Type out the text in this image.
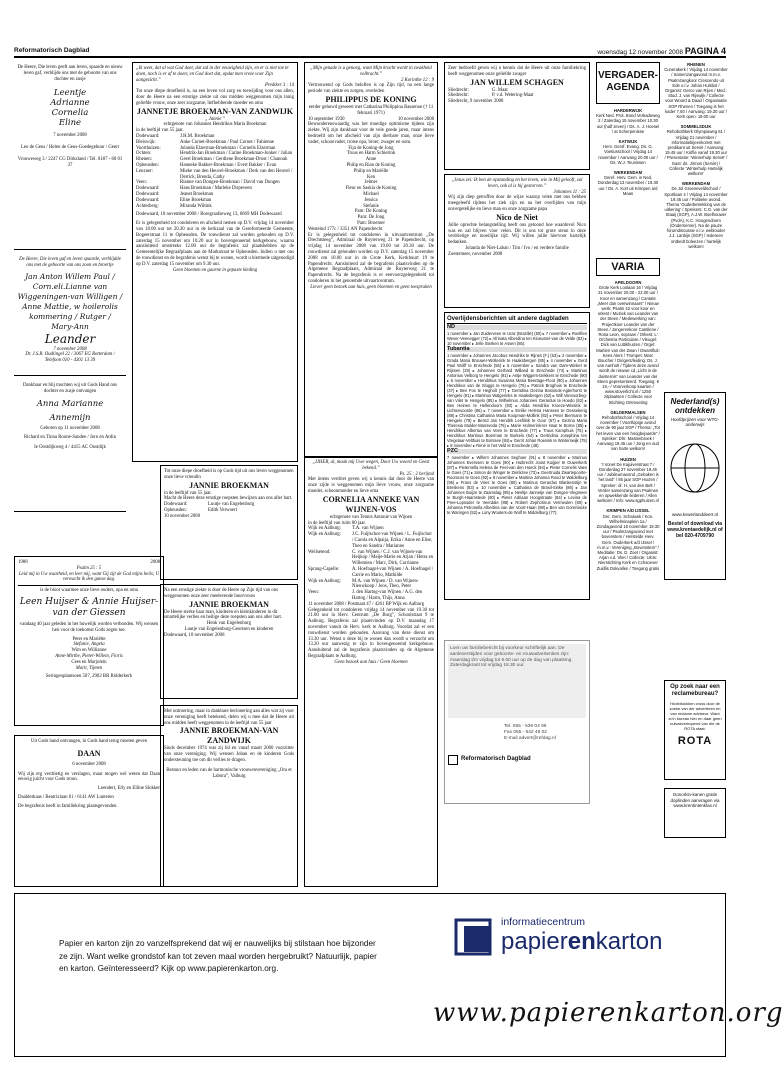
Reformatorisch Dagblad	woensdag 12 november 2008 PAGINA 4
De Heere, Die leven geeft aan leven, spaarde en nieuw leven gaf, verblijde ons met de geboorte van ons dochter en zusje
Leentje
Adrianne
Cornelia
Eline
7 november 2008
Leo de Geus / Helen de Geus-Goedegebuur / Geert
Vrouweweg 3 / 2247 CG Dirksland / Tel. 0187 - 60 01 37
De Heere, Die leven gaf en leven spaarde, verblijdde ons met de geboorte van ons zoon en broertje
Jan Anton Willem Paul / Corn.eli.Lianne van Wiggeningen-van Willigen / Anne Mattie, w hoilerolis kommering / Rutger / Mary-Ann
Leander
7 november 2008
Dr. J.S.R. Oudlingel 22 / 3067 EG Rotterdam / Telefoon 010 - 4301 13 39
Dankbaar en blij mochten wij uit Gods Hand ons dochter en zusje ontvangen
Anna Marianne
Annemijn
Geboren op 11 november 2008
Richard en Tinna Boone-Sandee / Jorn en Ardin
Ie Oostdijkweg 4 / 4415 AC Oostdijk
1988	2008
Psalm 25 : 5
Leid mij in Uw waarheid, en leer mij, want Gij zijt de God mijns heils; U verwacht ik den ganse dag.
is de bloot waarmee onze lieve ouders, opa en oma
Leen Huijser & Annie Huijser-van der Giessen
vandaag 40 jaar geleden in het huwelijk worden verbonden. Wij wensen hen voor de toekomst Gods zegen toe.
Peter en Mariëtte
Stefanie, Angela
Wim en Willianne
Anne-Mirthe, Pieter-Willem, Floris
Cees en Marjolein
Marit, Tijmen
Seringenplantsoen 507, 2902 BR Ridderkerk
Uit Gods hand ontvangen, in Gods hand terug moeten geven
DAAN
6 november 2008
Wij zijn erg verdrietig en verslagen, maar mogen wel weten dat Daan eeuwig juicht voor Gods troon.
Leendert, Elly en Elline Slokker
Daalderkaas / Beatrixlaan 61 / 6141 AW Lunteren
De begrafenis heeft in familiekring plaatsgevonden.
„Ik weet, dat al wat God doet, dat zal in der eeuwigheid zijn, en er is niet toe te doen, noch is er af te doen; en God doet dat, opdat men vreze voor Zijn aangezicht.”
Prediker 3 : 14
Tot onze diepe droefheid is, na een leven vol zorg en toewijding voor ons allen, door de Heere na een ernstige ziekte uit ons midden weggenomen mijn innig geliefde vrouw, onze zeer zorgzame, liefhebbende moeder en oma
JANNETJE BROEKMAN-VAN ZANDWIJK
„ Jannie ”
echtgenote van Johannes Hendrikus Maria Broekman
in de leeftijd van 55 jaar.
Dodewaard:	J.H.M. Broekman
Bleiswijk:	Anke Cornet-Broekman / Paul Cornet / Fabienne
Voorthuizen:	Jolanda Elzerman-Broekman / Cornelis Elzerman
Ochten:	Hendrik-Jan Broekman / Carine Broekman-Jonker / Julian
Rhenen:	Geert Broekman / Gerdiene Broekman-Drost / Channah
Opheusden:	Hanneke Bakker-Broekman / Evert Bakker / Evan
Lenzner:	Mieke van den Heuvel-Broekman / Derk van den Heuvel / Derrick, Brenda, Cathy
Veen:	Rianne van Dongen-Broekman / David van Dongen
Dodewaard:	Hans Broekman / Marleke Dirpeveen
Dodewaard:	Jeanet Broekman
Dodewaard:	Eline Broekman
Achterberg:	Miranda Wiltink
Dodewaard, 10 november 2008 / Boregraafseweg 13, 6669 MH Dodewaard
Er is gelegenheid tot condoleren en afscheid nemen op D.V. vrijdag 14 november van 18.00 uur tot 20.30 uur in de kerkzaal van de Gereformeerde Gemeente, Bogeerstraat 11 te Opheusden. De rouwdienst zal worden gehouden op D.V. zaterdag 15 november om 10.20 uur in bovengenoemd kerkgebouw, waarna aansluitend omstreeks 12.00 uur de begrafenis zal plaatshebben op de Gemeentelijke Begraafplaats aan de Markstraat te Opheusden. Indien u met ons de rouwdienst en de begrafenis wenst bij te wonen, wordt u hiermede uitgenodigd op D.V. zaterdag 15 november om 9.30 uur.
Geen bloemen en gaarne in gepaste kleding
Tot onze diepe droefheid is op Gods tijd uit ons leven weggenomen onze lieve vriendin
JANNIE BROEKMAN
in de leeftijd van 55 jaar.
Macht de Heere deze ernstige roepsten bewijzen aan ons aller hart.
Dodewaard:	Luutje van Engelenburg
Opheusden:	Edith Verwoert
10 november 2008
Na een ernstige ziekte is door de Heere op Zijn tijd van ons weggenomen onze zeer meelevende buurvrouw
JANNIE BROEKMAN
De Heere sterke haar man, kinderen en kleinkinderen in dit smartelijke verlies en heilige deze roepsten aan ons aller hart.
Henk van Engelenburg
Luutje van Engelenburg-Geurtsen en kinderen
Dodewaard, 10 november 2008
Met ontroering, maar in dankbare herinnering aan alles wat zij voor onze vereniging heeft betekend, delen wij u mee dat de Heere uit ons midden heeft weggenomen in de leeftijd van 55 jaar
JANNIE BROEKMAN-VAN ZANDWIJK
Sinds december 1974 was zij lid en vanaf maart 2000 voorzitter van onze vereniging. Wij wensen Johan en de kinderen Gods ondersteuning toe om dit verlies te dragen.
Bestuur en leden van de harmonische vrouwenvereniging „Ora et Labora”, Valburg
„Mijn genade is u genoeg, want Mijn kracht wordt in zwakheid volbracht.”
2 Korinthe 12 : 9
Vertrouwend op Gods beloften is op Zijn tijd, na een lange periode van ziekte en zorgen, overleden
PHILIPPUS DE KONING
eerder gehuwd geweest met Catharina Philippina Bassenoe († 11 februari 1971)
10 september 1930	10 november 2008
Bewonderenswaardig was het moedige optimisme tijdens zijn ziekte. Wij zijn dankbaar voor de vele goede jaren, maar intens bedroefd om het afscheid van zijn dierbare man, onze lieve vader, schoonvader, trotse opa, broer, zwager en oom.
Fija de Koning-de Jong
Truus en Harm Schierink
Anne
Philip en Rian de Koning
Philip en Mariëlle
Ken
Jelmer
Fleur en Saskia de Koning
Michael
Jessica
Stefanie
Pam: De Koning
Pam: De Jong
Pam: Broemer
Westeind 177c / 3351 AN Papendrecht
Er is gelegenheid tot condoleren in uitvaartcentrum „De Drechtsteeg”, Admiraal de Ruyterweg 21 te Papendrecht, op vrijdag 14 november 2008 van 19.00 tot 20.30 uur. De rouwdienst zal gehouden worden op D.V. zaterdag 15 november 2008 om 10.00 uur in de Grote Kerk, Kerkbuurt 19 te Papendrecht. Aansluitend zal de begrafenis plaatsvinden op de Algemene Begraafplaats, Admiraal de Ruyterweg 21 te Papendrecht. Na de begrafenis is er eenvoorzgelegenheid tot condoleren in het genoemde uitvaartcentrum.
Liever geen bezoek aan huis, geen bloemen en geen toespraken
„IJHER, al, maak mij Uwe wegen, Door Uw woord en Geest bekend.”
Ps. 25 : 2 berijmd
Met intens verdriet geven wij u kennis dat door de Heere van onze zijde is weggenomen mijn lieve vrouw, onze zorgzame moeder, schoonmoeder en lieve oma
CORNELIA ANNEKE VAN WIJNEN-VOS
echtgenote van Teunis Antonie van Wijnen
in de leeftijd van ruim 80 jaar.
Wijk en Aalburg:	T.A. van Wijnen
Wijk en Aalburg:	J.C. Fuijlschot-van Wijnen / L. Fuijlschot / Carola en Alpaija, Erika / Anne en Elise, Theo en Sandra / Marianne
Wellsetend:	C. van Wijnen / C.J. van Wijnen-van Heijkop / Meije-Marie en Arjan / Hetra en Willemien / Marc, Dirk, Corrianne
Sprang-Capelle:	A. Hoefnagel-van Wijnen / A. Hoefnagel / Carrie en Mario, Mathilde
Wijk en Aalburg:	M.A. van Wijnen / D. van Wijnen-Nieuwkoop / Joos, Theo, Peter
Veen:	J. den Hartog-van Wijnen / A.G. den Hartog / Harm, Thijs, Anna
11 november 2008 / Postmaat 47 / 4261 BP Wijk en Aalburg
Gelegenheid tot condoleren vrijdag 14 november van 19.30 tot 21.00 uur in Herv. Centrum „De Burg”, Schoolstraat 9 te Aalburg. Begrafenis zal plaatsvinden op D.V. maandag 17 november vanuit de Herv. kerk te Aalburg. Voordat zal er een rouwdienst worden gehouden. Aanvang van deze dienst om 13.30 uur. Wenst u deze bij te wonen dan wordt u verzocht om 13.20 uur aanwezig te zijn in bovengenoemd kerkgebouw. Aansluitend zal de begrafenis plaatsvinden op de Algemene Begraafplaats te Aalburg.
Geen bezoek aan huis / Geen bloemen
Zeer bedroefd geven wij u kennis dat de Heere uit onze familiekring heeft weggenomen onze geliefde zwager
JAN WILLEM SCHAGEN
Sliedrecht:	G. Maat
Sliedrecht:	P. v.d. Wetering-Maat
Sliedrecht, 9 november 2008
„Jezus zei: Ik ben de opstanding en het leven, wie in Mij gelooft, zal leven, ook al is hij gestorven.”
Johannes 11 : 25
Wij zijn diep getroffen door de wijze waarop velen met ons hebben meegeleefd tijdens het ziek zijn en na het overlijden van mijn onvergetelijke en lieve man en onze zorgzame papa
Nico de Niet
Jullie oprechte belangstelling heeft ons getoond hoe waardevol Nico was en zal blijven voor velen. Dit is ons tot grote steun in deze verdrietige en moeilijke tijd. Wij willen jullie hiervoor hartelijk bedanken.
Jolanda de Niet-Laban / Tim / Ivo / en verdere familie
Zoetermeer, november 2008
Overlijdensberichten uit andere dagbladen
ND
1 november ▸ Jan Zuiderveen te Uraz (Brazilië) (50) ▸ 7 november ▸ Roelfien Wever-Veenegger (72) ▸ Afrinata Alberdina ten Kloeuster-van de Velde (82) ▸ 10 november ▸ Jelle Sterken te Assen (85).
Tubantia
1 november ▸ Johannes Jacobus Hendriks te Rijnes (F.) (63) ▸ 2 november ▸ Grada Maria Brouwer-Wolterink te Haaksbergen (85) ▸ 4 november ▸ Gerd Paul Wolff te Enschede (56) ▸ 5 november ▸ Sandra van Dam-Winkel te Rijssen (29) ▸ Johannes Gerhard Willand te Enschede (74) ▸ Martinus Antonius Velborg te Hengelo (91) ▸ Antje Wiggers-Dekkers te Enschede (90) ▸ 6 november ▸ Hendrikus Susanna Maria Beertage-Floot (90) ▸ Johannes Hendrikus van de Sluggs te Hengelo (75) ▸ Patrick Broghuis te Enschede (37) ▸ Ben Fox te Hegholt (77) ▸ Gertidina Gezina Bossinok-Agterhorst te Hengelo (91) ▸ Martinus Walgerinks te Haaksbergen (62) ▸ Will Vanvoorbeg-van Vilet te Hengelo (85) ▸ Wilhelmus Johannes Gerardus te Hoedo (82) ▸ Ben Heinen te Hellendoorn (83) ▸ Alida Hendrika Kroeze-Wissink te Lichtenvoorde (86) ▸ 7 november ▸ Emilie Helena Hanssen te Oessekerig (88) ▸ Christina Catharina Maria Koopman-Mollink (82) ▸ Peter Biermann te Hengelo (78) ▸ Bernd Jan Hendrik Lesfilink te Goor (67) ▸ Gezina Maria Theresia Mulder-Mansveda (76) ▸ Marie Holmerink-ter Haar te Borne (85) ▸ Hendrikus Albertus van Veen te Enschede (77) ▸ Truus Kamphuis (75) ▸ Hendrikus Martinus Boerman te Borkelo (64) ▸ Gertridina Josephina ten Vregelaar-Velthuis te Borssee (84) ▸ Gerrit Johan Roesink te Winterswijk (75) ▸ 8 november ▸ René in het Veld te Enschede (48).
PZC
7 november ▸ Willem Johannes Seghoer (91) ▸ 8 november ▸ Marinus Johannes Everssen te Goes (90) ▸ Huibrecht Joost Kuijper te Ouwerkerk (87) ▸ Pieternella Helena de Feel-van den Hoeck (94) ▸ Pieter Cornelis Vaes te Goes (71) ▸ Simon de Winger te Zeirikzee (73) ▸ Geertruida Zwartepoorte-Roomcos te Goes (92) ▸ 9 november ▸ Martina Johanna Rood te Waldelburg (95) ▸ Frans de Vries te Goes (80) ▸ Marinus Gerardus Blankenstijn te Breskens (83) ▸ 10 november ▸ Catharina de Brasil-Sinke (86) ▸ Jan Johannes Buijze te Zaamslag (95) ▸ Neeltje Jannetje van Dongen-Vlegmeer te Burgh-Haamstede (80) ▸ Pieter Adriaan Hoogstraate (84) ▸ Levina de Pree-Lopsoder te Veerdale (88) ▸ Robert Zephorinus Vermeulen (80) ▸ Johanna Petronella Albertina van der Voort-Haan (98) ▸ Ben van Gorenlacke te Waringen (52) ▸ Lony Wouters-de Wolf te Middelburg (77).
Loen uw familiebericht bij voorkeur schriftelijk aan. De aanleverstijden voor geboorte- en rouwadvertenties zijn: maandag t/m vrijdag tot 9.00 uur op de dag van plaatsing. Zaterdagkrant tot vrijdag 18.30 uur.
Tel. 055 - 539 04 99
Fax 055 - 542 48 02
E-mail advert@refdag.nl
Reformatorisch Dagblad
VERGADER-AGENDA
HARDERWIJK
Kerk Ned. Prot. Bond Verkadeweg 2 / Zaterdag 15 november 10.30 uur (half zeven) / Ds. A. J. Hoesel / at Scherpenisse
KATWIJK
Herv. Gerof. Evang. Ds. G. Voetiusschool / Vrijdag 14 november / Aanvang 20.00 uur / Ds. W.J. Teunissen
WERKENDAM
Geref. Herv. Gem. in Ned. Donderdag 13 november / 19.30 uur / Ds. A. Kort uit Krimpen a/d Maas
VARIA
APELDOORN
Grote Kerk Loolaan 16 / Vrijdag 21 november 20.00 - 22.00 uur / Koor en samenzang / Cantate „Meer dan overwinnaars” / Nieuw werk: Psalm 42 voor koor en orkest / Muziek van Leander van der Steen / Medewerking van: Projectkoor Leander van der Steen / Jongerenkoor Cantilene / Rosa Leon, sopraan / Orkest: L' Orchestra Particulare / Vleugel: Dick van Luttikhuizen / Orgel: Martien van der Zwan / Dwarsfluit: Kees Alers / Trompet: Marc Boucher / Dirigent/leiding: Ds. J. van Aanholt / Tijdens deze avond wordt de nieuwe cd „Licht in de duisternis” van Leander van der Steen gepresenteerd. Toegang: € 19,- / Voorverkoop kaarten / www.stoverlicht.nl / 1250 zitplaatsen / Collecte voor Stichting Ontmoeting
GELDERMALSEN
Rehobothschool / Vrijdag 14 november / Voortlopige avond over de 90 jaar SGP / Thema: „Tot het leven van een hoogbejaarde” / Spreker: Dhr. Mastenbroek / Aanvang 19.45 uur / Jong en oud van harte welkom!
HUIZEN
't Vonet De Kajuiverstraat 7 / Donderdag 27 november 19.45 uur / Jubileumavond „Gebaken is het land” / 85 jaar SGP Huizen / Spreker: dr. H. van den Belt / Verder samenzang van Psalmen en opwekkende liederen / Allen welkom! / Info: www.sgphuizen.nl
KRIMPEN A/D IJSSEL
Ger. Gem. Schaluwk / Kon. Wilhelminaplein 1a / Zondagavond 16 november 19.30 uur / Psalmzangavond met bovenstem / Herstelde Herv. Gem. Ouderkerk a/d IJssel / m.m.v.: Vereniging „Bovenstem” / Meditatie: Ds. D. Zoet / Organist: Arjan v.d. Vliet / Collecte: Ulcts: Nierstichting Kerk en Cchsoever Zuidlis Dokvallen / Toegang gratis
RHENEN
Cunerakerk / Vrijdag 14 november / Samenzangavond m.m.v. Psalmzangkoor Crescendo uit Ede o.l.v. Johan Hulsbol / Organist: Gerco van Rijen / Med.: Stud. J. van Rijswijk / Collecte voor Woord & Daad / Organisatie SGP Rhenen / Toegang is het kader 7,50 / Aanvang: 19.30 uur / Kerk open: 19.00 uur
SOMMELSDIJK
Rehobothkerk Olympiaweg 61 / Vrijdag 21 november / Informatiebijeenkomst met predikant uit Servië / Aanvang: 19.45 uur / Koffie vanaf 19.30 uur / Presentatie: ‘Winterhulp Servië’ / Gast: ds. Jirmos (Servië) / Collecte ‘Winterhulp Hartelijk welkom!’
WERKENDAM
De Jol Groeneveldschool / Sportlaan 4 / Vrijdag 14 november 19.45 uur / Politieke avond. Thema ‘Ouderbetrekking van de uitkering’ / Sprekers: C.G. van der Staaij (SGP), A.J.W. Boelhouwer (PvdA), K.C. Hoogendoorn (Ondernemer). Na de pauze forumdiscussie o.l.v. weblouder J.J. Lanbijn (SGP) / Iedereen ontbedt boleezen / hartelijk welkom!
Nederland(s) ontdekken
Hoofdprijzen voor WTG-anderwijs
www.kvwerlanddeert.nl
Bestel of download via www.krentaedelijk.nl of bel 020-4709790
Op zoek naar een reclamebureau?
Hoofdstukken cross door de zoeke van der adverteren en van reclame adviseur. Want zo'n bureau hier en daar geen nulvakverkopend van die de ROTA staat.
ROTA
Donorkin-kanen gratis doplinden aanvragen via www.krentintenklas.nl
Papier en karton zijn zo vanzelfsprekend dat wij er nauwelijks bij stilstaan hoe bijzonder ze zijn. Want welke grondstof kan tot zeven maal worden hergebruikt? Natuurlijk, papier en karton. Geïnteresseerd? Kijk op www.papierenkarton.org.
informatiecentrum
papierenkarton
www.papierenkarton.org
